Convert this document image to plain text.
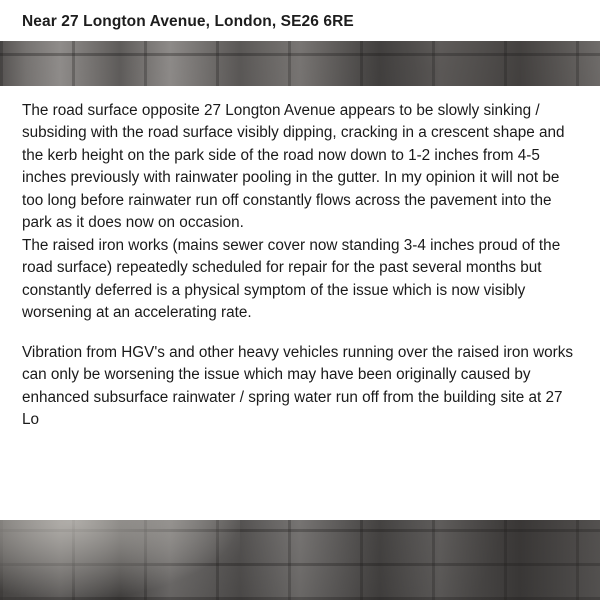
Near 27 Longton Avenue, London, SE26 6RE

The road surface opposite 27 Longton Avenue appears to be slowly sinking / subsiding with the road surface visibly dipping, cracking in a crescent shape and the kerb height on the park side of the road now down to 1-2 inches from 4-5 inches previously with rainwater pooling in the gutter. In my opinion it will not be too long before rainwater run off constantly flows across the pavement into the park as it does now on occasion.

The raised iron works (mains sewer cover now standing 3-4 inches proud of the road surface) repeatedly scheduled for repair for the past several months but constantly deferred is a physical symptom of the issue which is now visibly worsening at an accelerating rate.

Vibration from HGV's and other heavy vehicles running over the raised iron works can only be worsening the issue which may have been originally caused by enhanced subsurface rainwater / spring water run off from the building site at 27 Lo
